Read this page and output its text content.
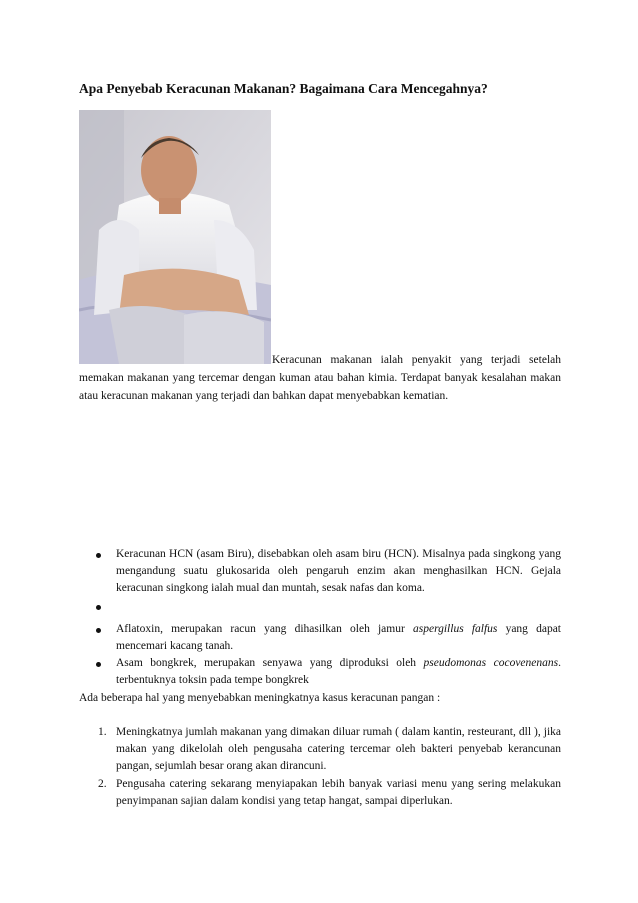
Apa Penyebab Keracunan Makanan? Bagaimana Cara Mencegahnya?
Keracunan makanan ialah penyakit yang terjadi setelah memakan makanan yang tercemar dengan kuman atau bahan kimia. Terdapat banyak kesalahan makan atau keracunan makanan yang terjadi dan bahkan dapat menyebabkan kematian.
Keracunan HCN (asam Biru), disebabkan oleh asam biru (HCN). Misalnya pada singkong yang mengandung suatu glukosarida oleh pengaruh enzim akan menghasilkan HCN. Gejala keracunan singkong ialah mual dan muntah, sesak nafas dan koma.
Aflatoxin, merupakan racun yang dihasilkan oleh jamur aspergillus falfus yang dapat mencemari kacang tanah.
Asam bongkrek, merupakan senyawa yang diproduksi oleh pseudomonas cocovenenans. terbentuknya toksin pada tempe bongkrek
Ada beberapa hal yang menyebabkan meningkatnya kasus keracunan pangan :
1. Meningkatnya jumlah makanan yang dimakan diluar rumah ( dalam kantin, resteurant, dll ), jika makan yang dikelolah oleh pengusaha catering tercemar oleh bakteri penyebab kerancunan pangan, sejumlah besar orang akan dirancuni.
2. Pengusaha catering sekarang menyiapakan lebih banyak variasi menu yang sering melakukan penyimpanan sajian dalam kondisi yang tetap hangat, sampai diperlukan.
